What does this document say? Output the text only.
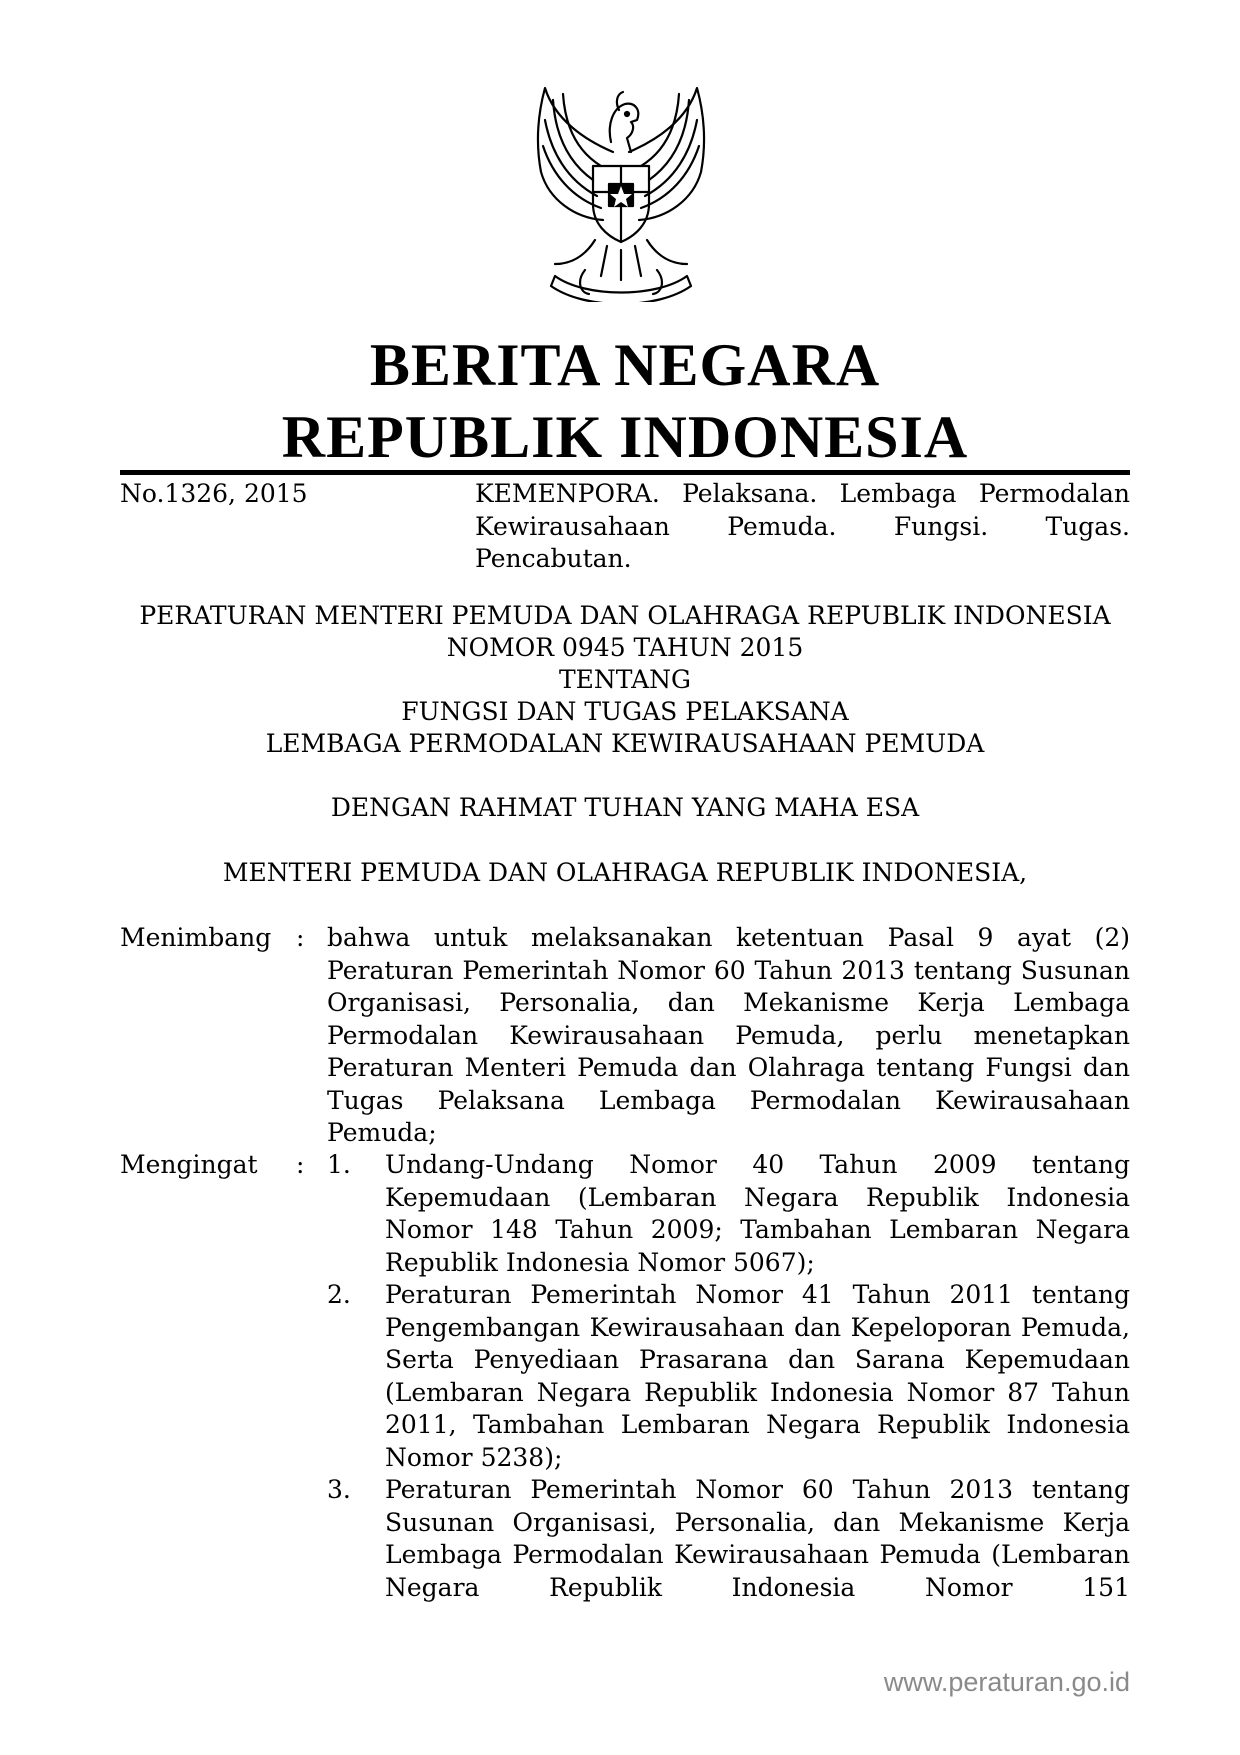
BERITA NEGARA
REPUBLIK INDONESIA
No.1326, 2015	KEMENPORA. Pelaksana. Lembaga Permodalan Kewirausahaan Pemuda. Fungsi. Tugas. Pencabutan.
PERATURAN MENTERI PEMUDA DAN OLAHRAGA REPUBLIK INDONESIA
NOMOR 0945 TAHUN 2015
TENTANG
FUNGSI DAN TUGAS PELAKSANA
LEMBAGA PERMODALAN KEWIRAUSAHAAN PEMUDA
DENGAN RAHMAT TUHAN YANG MAHA ESA
MENTERI PEMUDA DAN OLAHRAGA REPUBLIK INDONESIA,
Menimbang : bahwa untuk melaksanakan ketentuan Pasal 9 ayat (2) Peraturan Pemerintah Nomor 60 Tahun 2013 tentang Susunan Organisasi, Personalia, dan Mekanisme Kerja Lembaga Permodalan Kewirausahaan Pemuda, perlu menetapkan Peraturan Menteri Pemuda dan Olahraga tentang Fungsi dan Tugas Pelaksana Lembaga Permodalan Kewirausahaan Pemuda;
Mengingat	: 1.	Undang-Undang Nomor 40 Tahun 2009 tentang Kepemudaan (Lembaran Negara Republik Indonesia Nomor 148 Tahun 2009; Tambahan Lembaran Negara Republik Indonesia Nomor 5067);
2.	Peraturan Pemerintah Nomor 41 Tahun 2011 tentang Pengembangan Kewirausahaan dan Kepeloporan Pemuda, Serta Penyediaan Prasarana dan Sarana Kepemudaan (Lembaran Negara Republik Indonesia Nomor 87 Tahun 2011, Tambahan Lembaran Negara Republik Indonesia Nomor 5238);
3.	Peraturan Pemerintah Nomor 60 Tahun 2013 tentang Susunan Organisasi, Personalia, dan Mekanisme Kerja Lembaga Permodalan Kewirausahaan Pemuda (Lembaran Negara Republik Indonesia Nomor 151
www.peraturan.go.id
